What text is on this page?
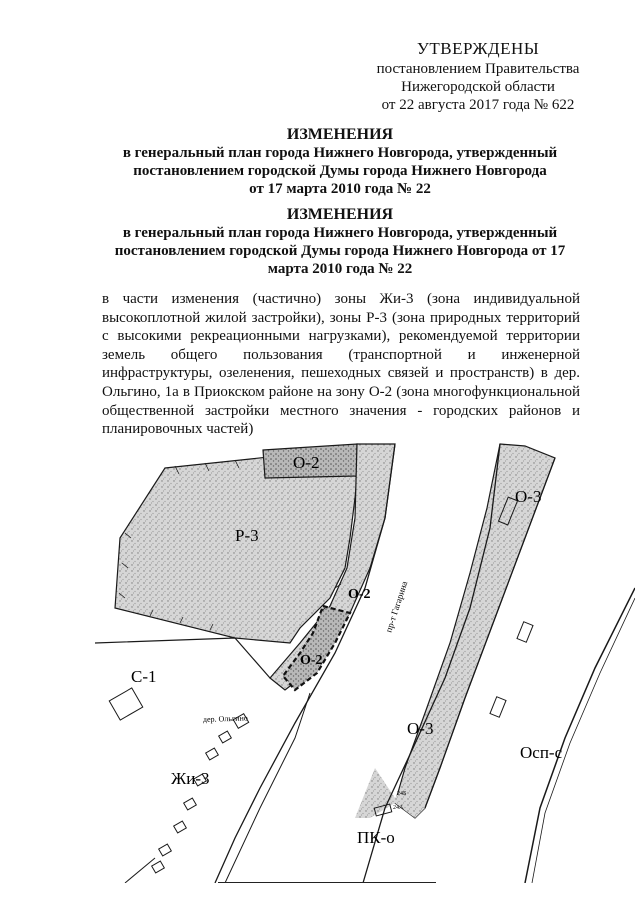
УТВЕРЖДЕНЫ
постановлением Правительства
Нижегородской области
от 22 августа 2017 года № 622
ИЗМЕНЕНИЯ
в генеральный план города Нижнего Новгорода, утвержденный
постановлением городской Думы города Нижнего Новгорода
от 17 марта 2010 года № 22
ИЗМЕНЕНИЯ
в генеральный план города Нижнего Новгорода, утвержденный
постановлением городской Думы города Нижнего Новгорода от 17
марта 2010 года № 22
в части изменения (частично) зоны Жи-3 (зона индивидуальной высокоплотной жилой застройки), зоны Р-3 (зона природных территорий с высокими рекреационными нагрузками), рекомендуемой территории земель общего пользования (транспортной и инженерной инфраструктуры, озеленения, пешеходных связей и пространств) в дер. Ольгино, 1а в Приокском районе на зону О-2 (зона многофункциональной общественной застройки местного значения - городских районов и планировочных частей)
О-2
Р-3
О-2
О-2
С-1
дер. Ольгино
Жи-3
О-3
О-3
Осп-с
ПК-о
пр-т Гагарина
24Б
24А
